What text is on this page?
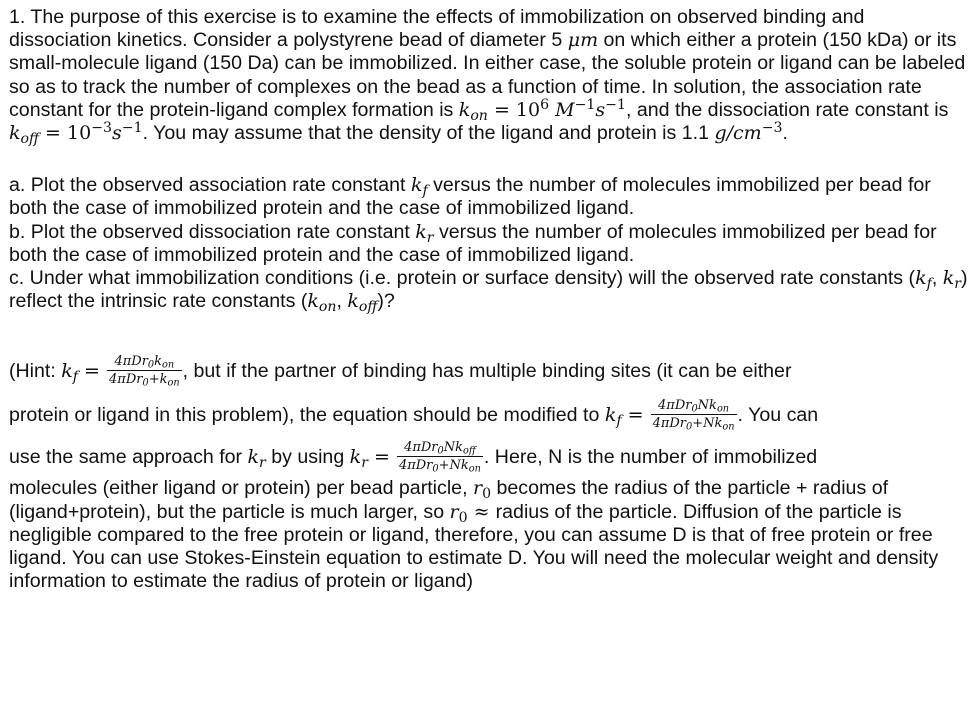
1. The purpose of this exercise is to examine the effects of immobilization on observed binding and dissociation kinetics. Consider a polystyrene bead of diameter 5 μm on which either a protein (150 kDa) or its small-molecule ligand (150 Da) can be immobilized. In either case, the soluble protein or ligand can be labeled so as to track the number of complexes on the bead as a function of time. In solution, the association rate constant for the protein-ligand complex formation is $k_{on} = 10^6$ $M^{-1}s^{-1}$, and the dissociation rate constant is $k_{off} = 10^{-3}s^{-1}$. You may assume that the density of the ligand and protein is 1.1 $g/cm^{-3}$.

a. Plot the observed association rate constant $k_f$ versus the number of molecules immobilized per bead for both the case of immobilized protein and the case of immobilized ligand.

b. Plot the observed dissociation rate constant $k_r$ versus the number of molecules immobilized per bead for both the case of immobilized protein and the case of immobilized ligand.

c. Under what immobilization conditions (i.e. protein or surface density) will the observed rate constants ($k_f$, $k_r$) reflect the intrinsic rate constants ($k_{on}$, $k_{off}$)?

(Hint: $k_f = \frac{\text{4πDr0kon}}{\text{4πDr0+kon}}$ , but if the partner of binding has multiple binding sites (it can be either
protein or ligand in this problem), the equation should be modified to $k_f = \frac{\text{4πDr0Nkon}}{\text{4πDr0+Nkon}}$ . You can
use the same approach for $k_r$ by using $k_r = \frac{\text{4πDr0Nkoff}}{\text{4πDr0+Nkon}}$ . Here, N is the number of immobilized

molecules (either ligand or protein) per bead particle, $r_0$ becomes the radius of the particle + radius of (ligand+protein), but the particle is much larger, so $r_0$ ≈ radius of the particle. Diffusion of the particle is negligible compared to the free protein or ligand, therefore, you can assume D is that of free protein or free ligand. You can use Stokes-Einstein equation to estimate D. You will need the molecular weight and density information to estimate the radius of protein or ligand)
